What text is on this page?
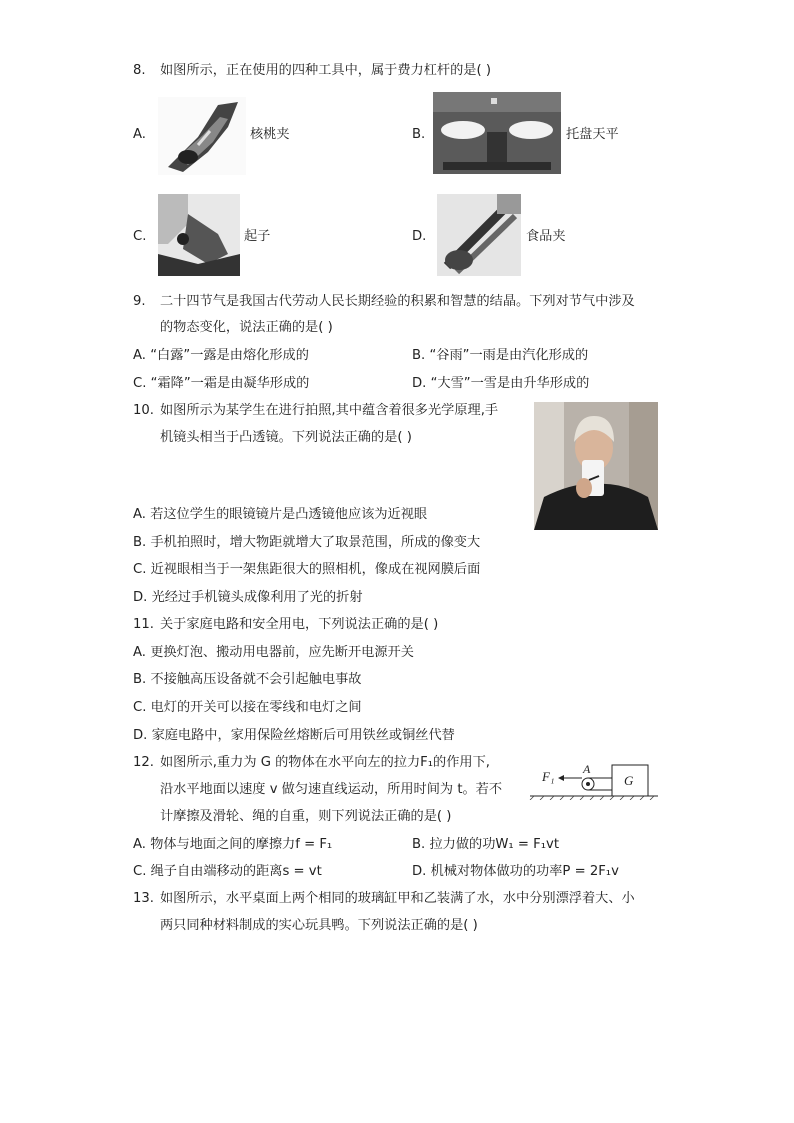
8. 如图所示，正在使用的四种工具中，属于费力杠杆的是( )
A.	核桃夹	B.	托盘天平
C.	起子	D.	食品夹
9. 二十四节气是我国古代劳动人民长期经验的积累和智慧的结晶。下列对节气中涉及
的物态变化，说法正确的是( )
A. “白露”一露是由熔化形成的	B. “谷雨”一雨是由汽化形成的
C. “霜降”一霜是由凝华形成的	D. “大雪”一雪是由升华形成的
10. 如图所示为某学生在进行拍照,其中蕴含着很多光学原理,手
机镜头相当于凸透镜。下列说法正确的是( )
A. 若这位学生的眼镜镜片是凸透镜他应该为近视眼
B. 手机拍照时，增大物距就增大了取景范围，所成的像变大
C. 近视眼相当于一架焦距很大的照相机，像成在视网膜后面
D. 光经过手机镜头成像利用了光的折射
11. 关于家庭电路和安全用电，下列说法正确的是( )
A. 更换灯泡、搬动用电器前，应先断开电源开关
B. 不接触高压设备就不会引起触电事故
C. 电灯的开关可以接在零线和电灯之间
D. 家庭电路中，家用保险丝熔断后可用铁丝或铜丝代替
12. 如图所示,重力为 G 的物体在水平向左的拉力F₁的作用下,
沿水平地面以速度 v 做匀速直线运动，所用时间为 t。若不
计摩擦及滑轮、绳的自重，则下列说法正确的是( )
F₁ A
G
A. 物体与地面之间的摩擦力f = F₁	B. 拉力做的功W₁ = F₁vt
C. 绳子自由端移动的距离s = vt	D. 机械对物体做功的功率P = 2F₁v
13. 如图所示，水平桌面上两个相同的玻璃缸甲和乙装满了水，水中分别漂浮着大、小
两只同种材料制成的实心玩具鸭。下列说法正确的是( )
